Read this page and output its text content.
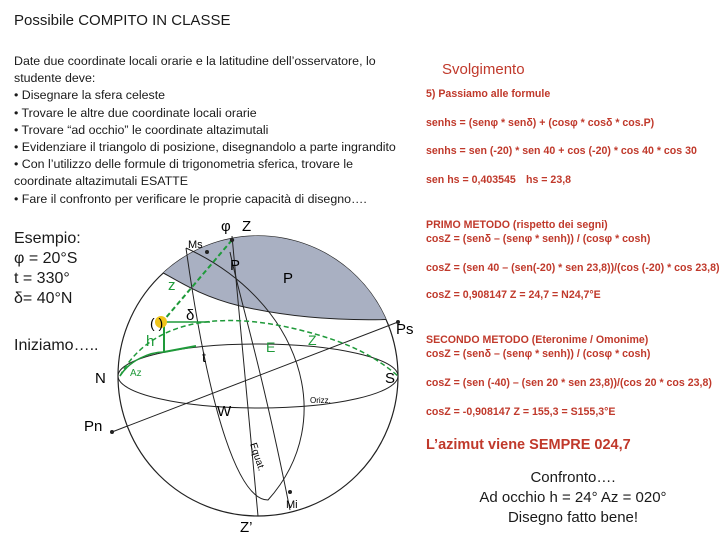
Possibile COMPITO IN CLASSE
Date due coordinate locali orarie e la latitudine dell’osservatore, lo
studente deve:
• Disegnare la sfera celeste
• Trovare le altre due coordinate locali orarie
• Trovare “ad occhio” le coordinate altazimutali
• Evidenziare il triangolo di posizione, disegnandolo a parte ingrandito
• Con l’utilizzo delle formule di trigonometria sferica, trovare le
coordinate altazimutali ESATTE
• Fare il confronto per verificare le proprie capacità di disegno….
Esempio:
φ = 20°S
t = 330°
δ= 40°N
Iniziamo…..
φ Z
Ms
P
P
z
( ) δ
h
t
E Z
Ps
N Az	S
W
Orizz.
Pn
Equat.
Mi
Z’
Svolgimento
5) Passiamo alle formule
senhs = (senφ * senδ) + (cosφ * cosδ * cos.P)
senhs = sen (-20) * sen 40 + cos (-20) * cos 40 * cos 30
sen hs = 0,403545 hs = 23,8
PRIMO METODO (rispetto dei segni)
cosZ = (senδ – (senφ * senh)) / (cosφ * cosh)
cosZ = (sen 40 – (sen(-20) * sen 23,8))/(cos (-20) * cos 23,8)
cosZ = 0,908147 Z = 24,7 = N24,7°E
SECONDO METODO (Eteronime / Omonime)
cosZ = (senδ – (senφ * senh)) / (cosφ * cosh)
cosZ = (sen (-40) – (sen 20 * sen 23,8))/(cos 20 * cos 23,8)
cosZ = -0,908147 Z = 155,3 = S155,3°E
L’azimut viene SEMPRE 024,7
Confronto….
Ad occhio h = 24° Az = 020°
Disegno fatto bene!
